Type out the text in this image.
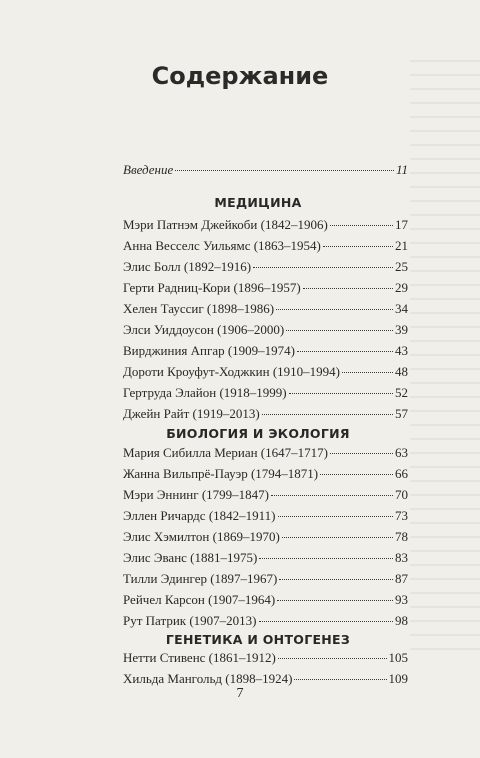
Содержание
Введение	11
МЕДИЦИНА
Мэри Патнэм Джейкоби (1842–1906)	17
Анна Весселс Уильямс (1863–1954)	21
Элис Болл (1892–1916)	25
Герти Радниц-Кори (1896–1957)	29
Хелен Тауссиг (1898–1986)	34
Элси Уиддоусон (1906–2000)	39
Вирджиния Апгар (1909–1974)	43
Дороти Кроуфут-Ходжкин (1910–1994)	48
Гертруда Элайон (1918–1999)	52
Джейн Райт (1919–2013)	57
БИОЛОГИЯ И ЭКОЛОГИЯ
Мария Сибилла Мериан (1647–1717)	63
Жанна Вильпрё-Пауэр (1794–1871)	66
Мэри Эннинг (1799–1847)	70
Эллен Ричардс (1842–1911)	73
Элис Хэмилтон (1869–1970)	78
Элис Эванс (1881–1975)	83
Тилли Эдингер (1897–1967)	87
Рейчел Карсон (1907–1964)	93
Рут Патрик (1907–2013)	98
ГЕНЕТИКА И ОНТОГЕНЕЗ
Нетти Стивенс (1861–1912)	105
Хильда Мангольд (1898–1924)	109
7
